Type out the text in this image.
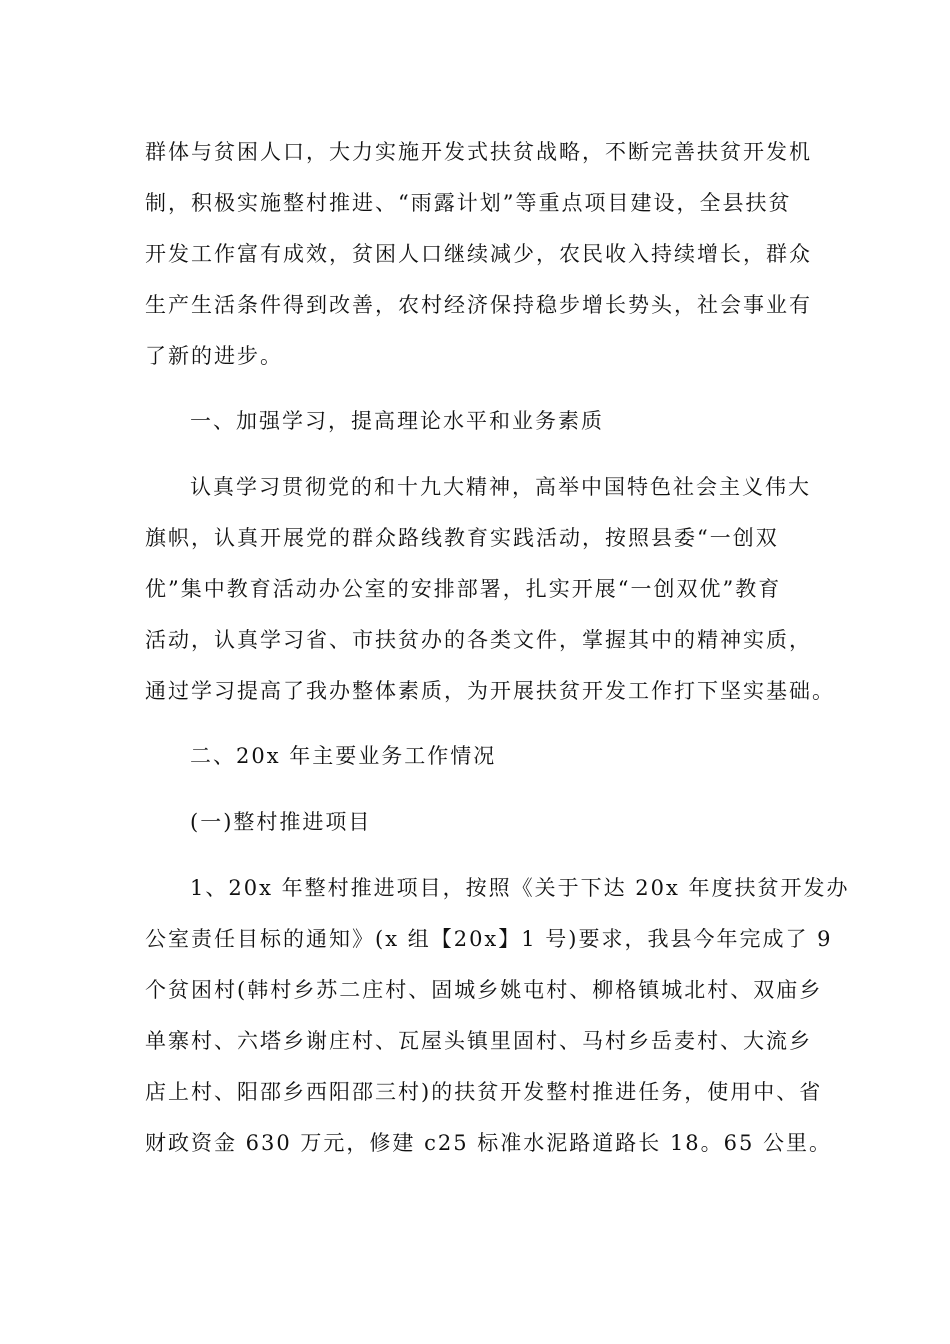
群体与贫困人口，大力实施开发式扶贫战略，不断完善扶贫开发机
制，积极实施整村推进、“雨露计划”等重点项目建设，全县扶贫
开发工作富有成效，贫困人口继续减少，农民收入持续增长，群众
生产生活条件得到改善，农村经济保持稳步增长势头，社会事业有
了新的进步。
一、加强学习，提高理论水平和业务素质
认真学习贯彻党的和十九大精神，高举中国特色社会主义伟大
旗帜，认真开展党的群众路线教育实践活动，按照县委“一创双
优”集中教育活动办公室的安排部署，扎实开展“一创双优”教育
活动，认真学习省、市扶贫办的各类文件，掌握其中的精神实质，
通过学习提高了我办整体素质，为开展扶贫开发工作打下坚实基础。
二、20x 年主要业务工作情况
(一)整村推进项目
1、20x 年整村推进项目，按照《关于下达 20x 年度扶贫开发办
公室责任目标的通知》(x 组【20x】1 号)要求，我县今年完成了 9
个贫困村(韩村乡苏二庄村、固城乡姚屯村、柳格镇城北村、双庙乡
单寨村、六塔乡谢庄村、瓦屋头镇里固村、马村乡岳麦村、大流乡
店上村、阳邵乡西阳邵三村)的扶贫开发整村推进任务，使用中、省
财政资金 630 万元，修建 c25 标准水泥路道路长 18。65 公里。
